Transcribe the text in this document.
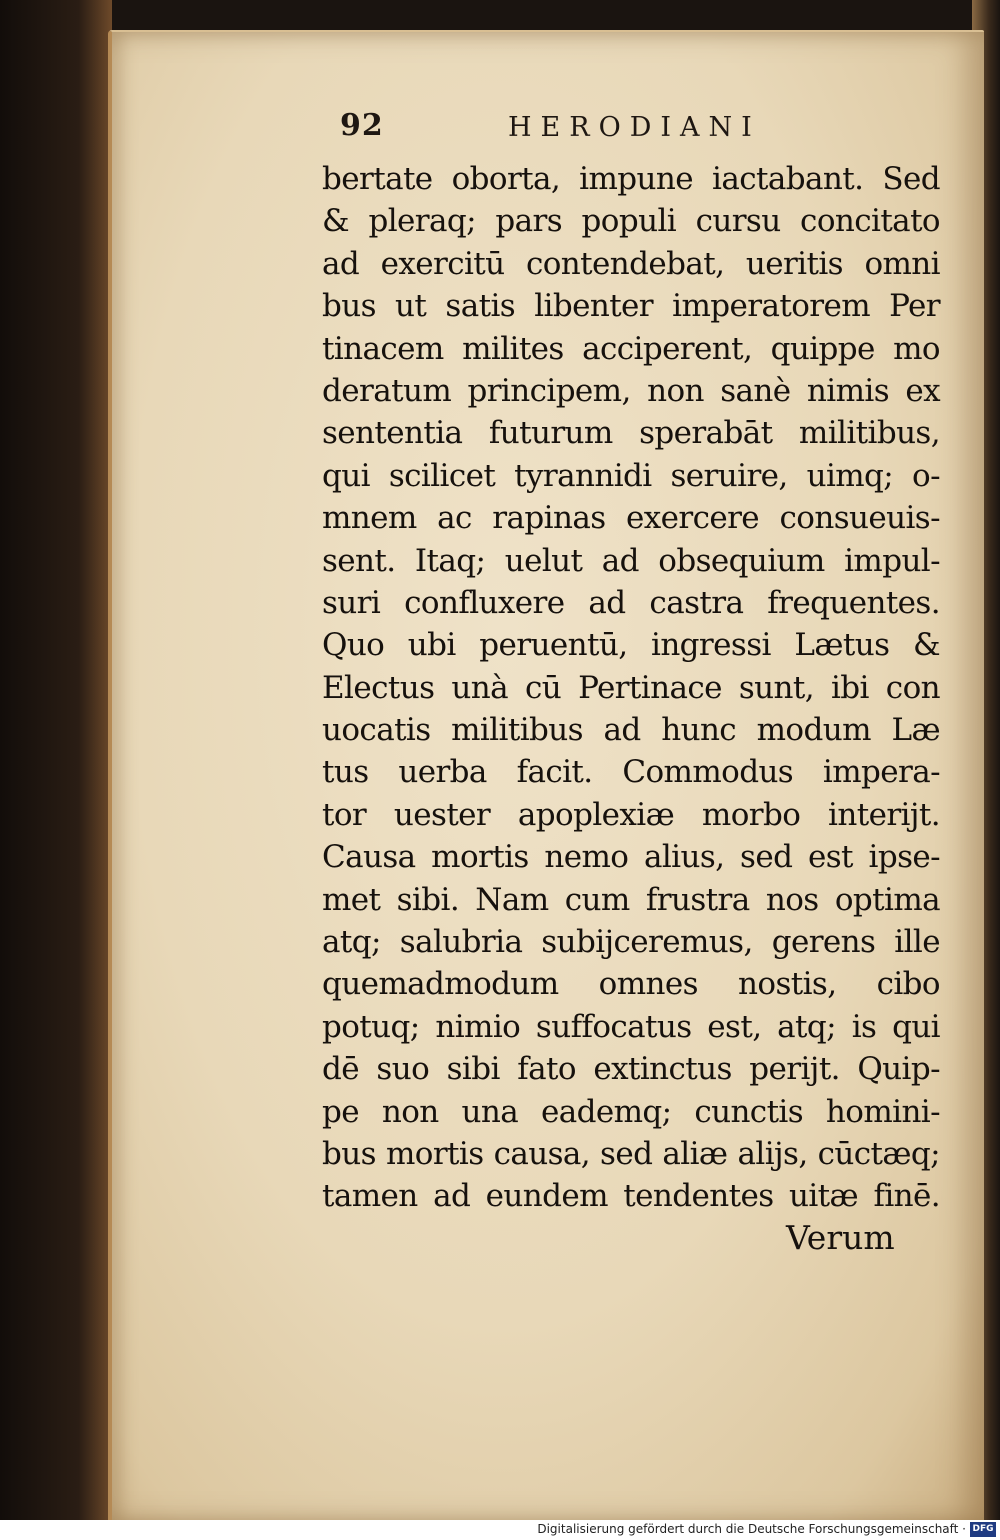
92	HERODIANI
bertate oborta, impune iactabant. Sed
& pleraq; pars populi cursu concitato
ad exercitū contendebat, ueritis omni
bus ut satis libenter imperatorem Per
tinacem milites acciperent, quippe mo
deratum principem, non sanè nimis ex
sententia futurum sperabāt militibus,
qui scilicet tyrannidi seruire, uimq; o-
mnem ac rapinas exercere consueuis-
sent. Itaq; uelut ad obsequium impul-
suri confluxere ad castra frequentes.
Quo ubi peruentū, ingressi Lætus &
Electus unà cū Pertinace sunt, ibi con
uocatis militibus ad hunc modum Læ
tus uerba facit. Commodus impera-
tor uester apoplexiæ morbo interijt.
Causa mortis nemo alius, sed est ipse-
met sibi. Nam cum frustra nos optima
atq; salubria subijceremus, gerens ille
quemadmodum omnes nostis, cibo
potuq; nimio suffocatus est, atq; is qui
dē suo sibi fato extinctus perijt. Quip-
pe non una eademq; cunctis homini-
bus mortis causa, sed aliæ alijs, cūctæq;
tamen ad eundem tendentes uitæ finē.
Verum
Digitalisierung gefördert durch die Deutsche Forschungsgemeinschaft · DFG
